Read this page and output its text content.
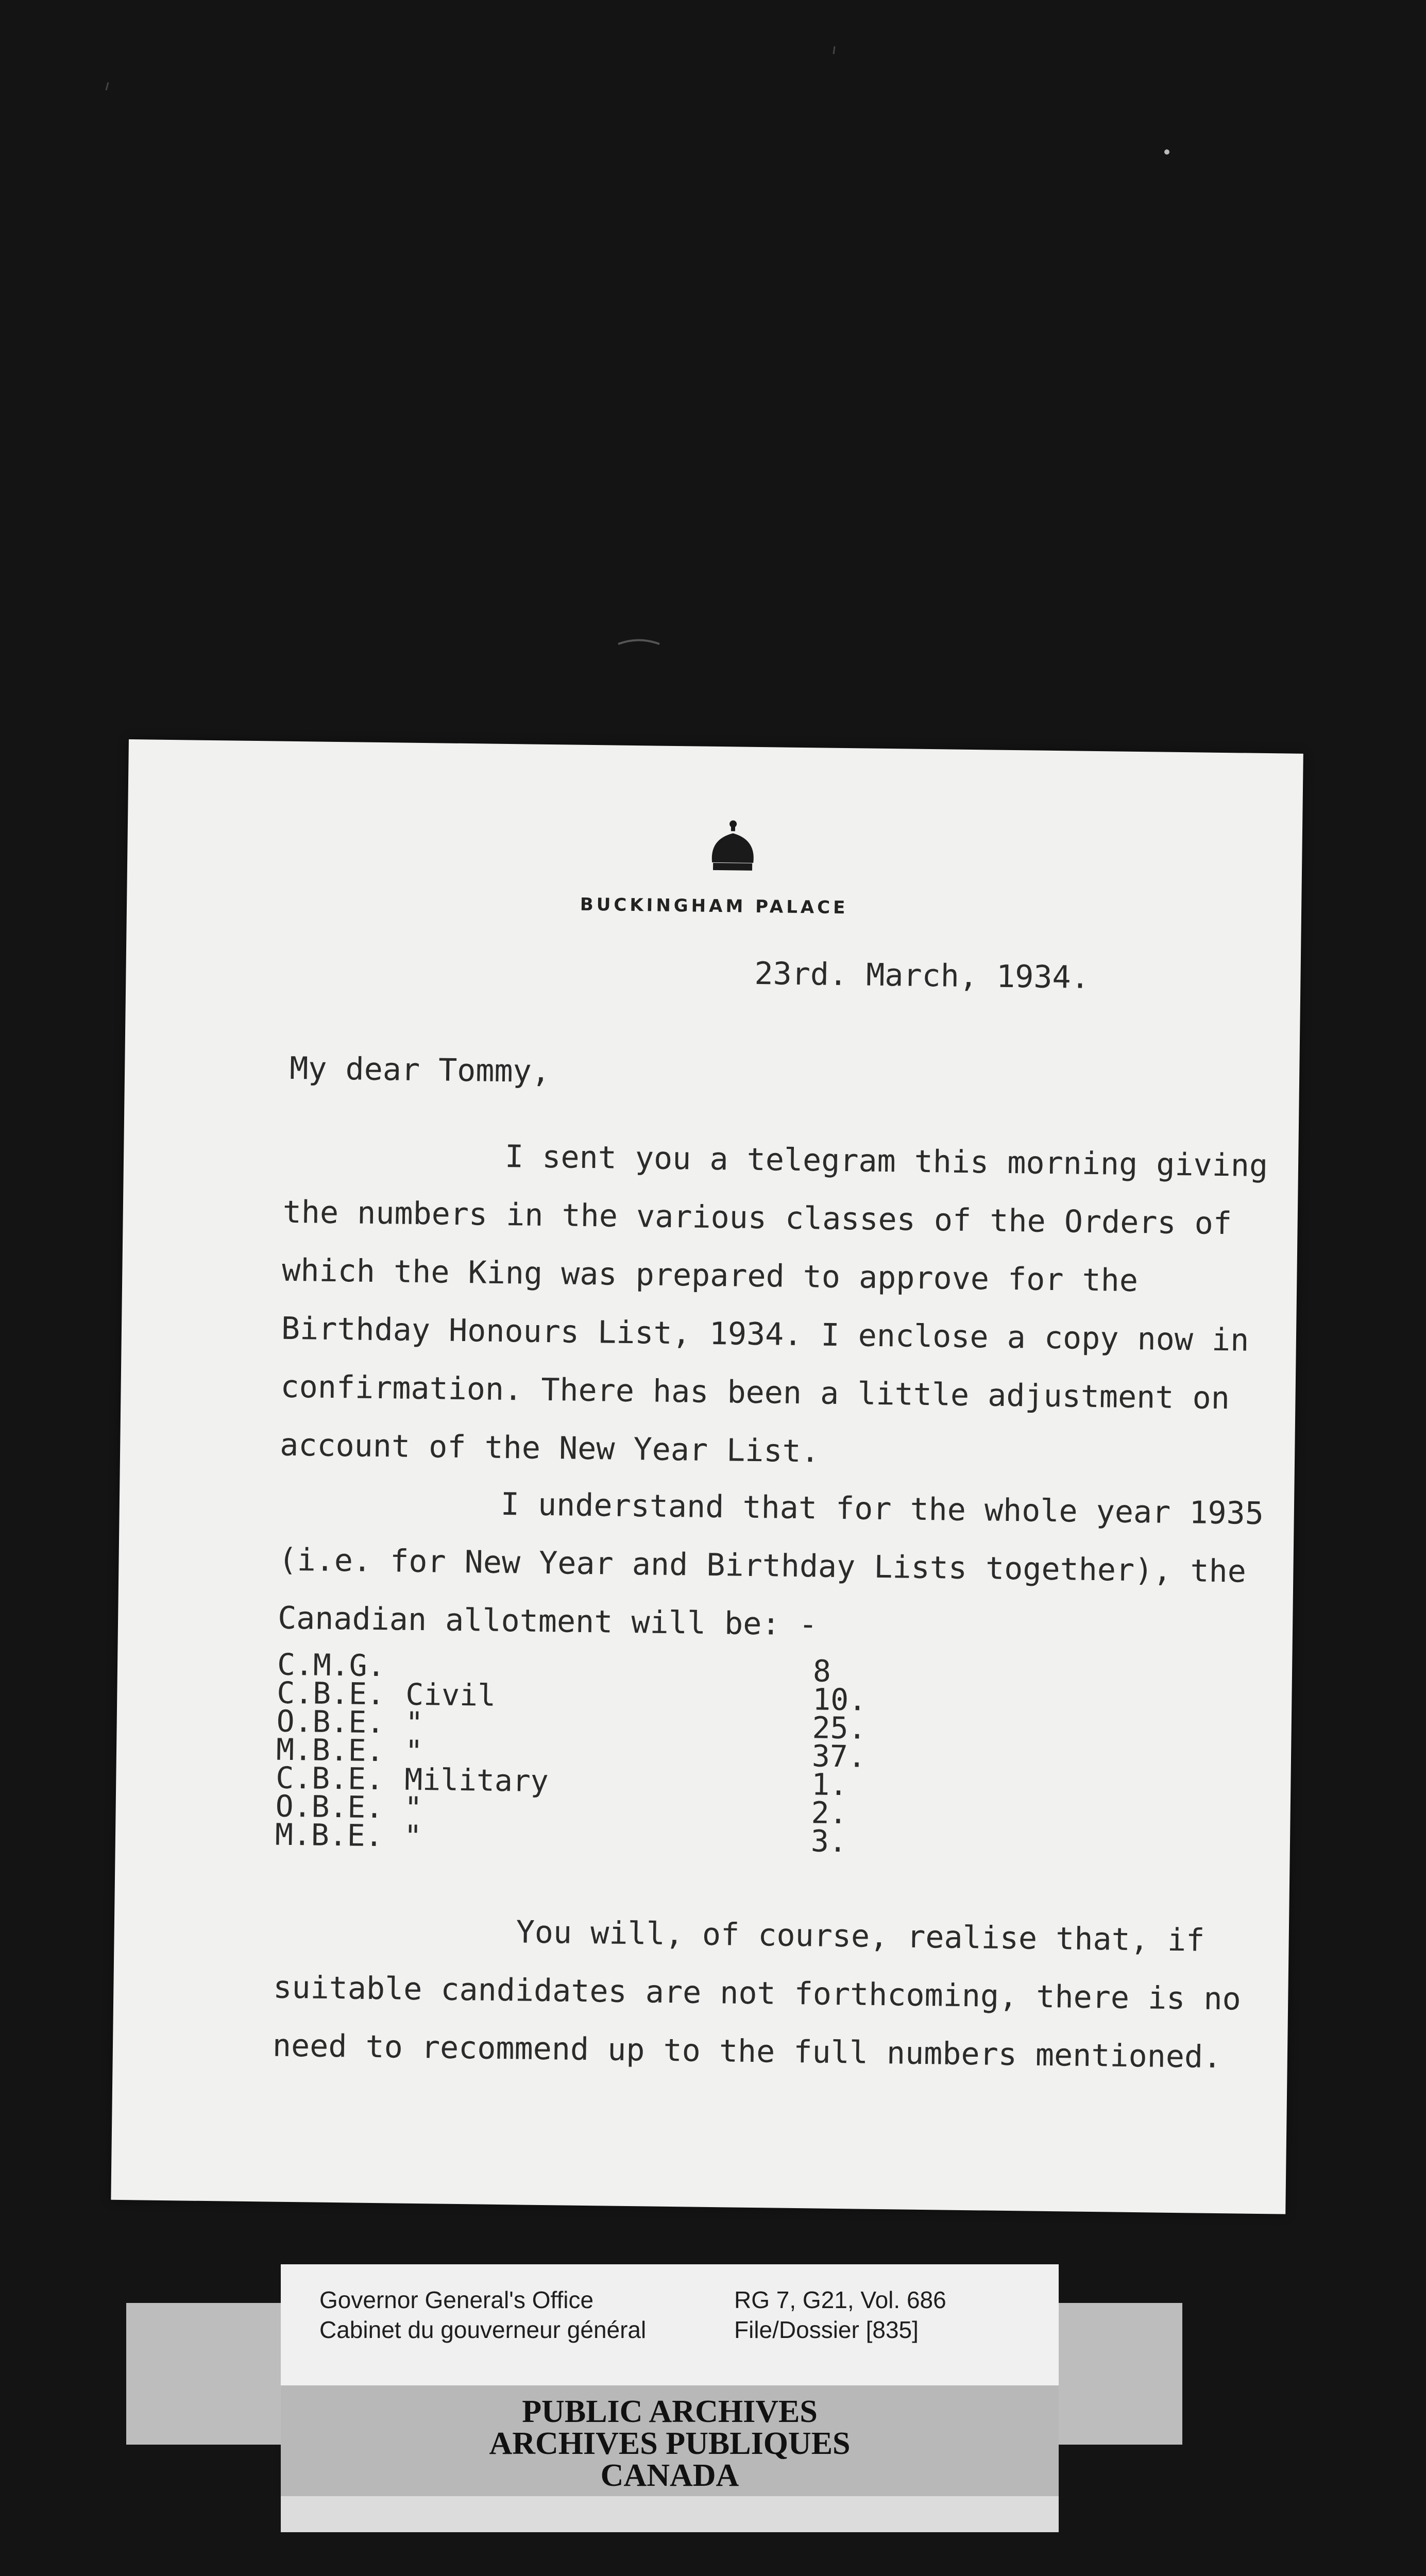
BUCKINGHAM PALACE
23rd. March, 1934.
My dear Tommy,

I sent you a telegram this morning giving the numbers in the various classes of the Orders of which the King was prepared to approve for the Birthday Honours List, 1934. I enclose a copy now in confirmation. There has been a little adjustment on account of the New Year List.

I understand that for the whole year 1935 (i.e. for New Year and Birthday Lists together), the Canadian allotment will be: -

C.M.G.	8
C.B.E. Civil	10.
O.B.E. "	25.
M.B.E. "	37.
C.B.E. Military	1.
O.B.E. "	2.
M.B.E. "	3.

You will, of course, realise that, if suitable candidates are not forthcoming, there is no need to recommend up to the full numbers mentioned.

Governor General's Office
Cabinet du gouverneur général
RG 7, G21, Vol. 686
File/Dossier [835]
PUBLIC ARCHIVES
ARCHIVES PUBLIQUES
CANADA
